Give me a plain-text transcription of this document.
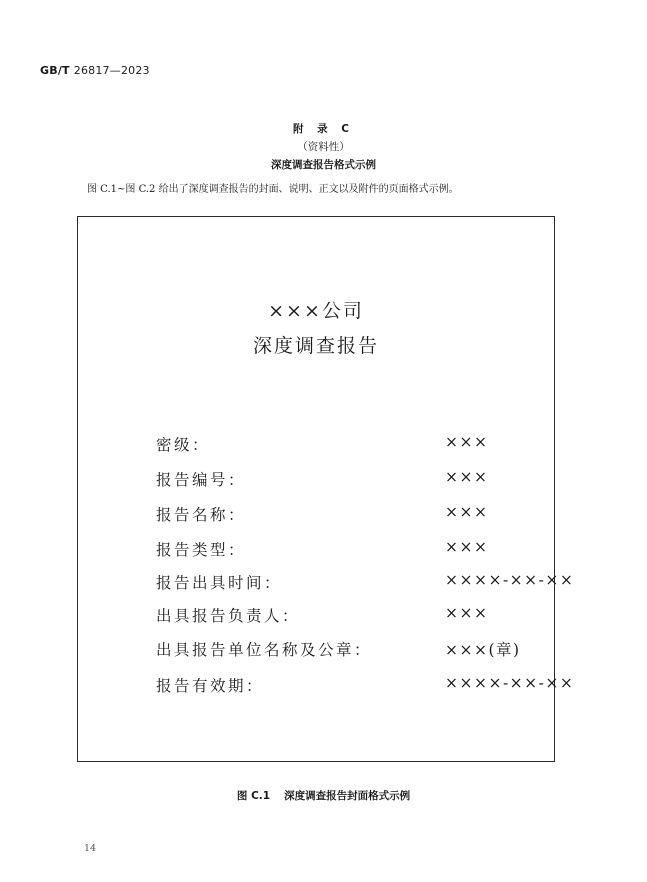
GB/T 26817—2023
附 录 C
（资料性）
深度调查报告格式示例
图 C.1~图 C.2 给出了深度调查报告的封面、说明、正文以及附件的页面格式示例。
×××公司
深度调查报告
密级：	×××
报告编号：	×××
报告名称：	×××
报告类型：	×××
报告出具时间：	××××-××-××
出具报告负责人：	×××
出具报告单位名称及公章：	×××(章)
报告有效期：	××××-××-××
图 C.1 深度调查报告封面格式示例
14
